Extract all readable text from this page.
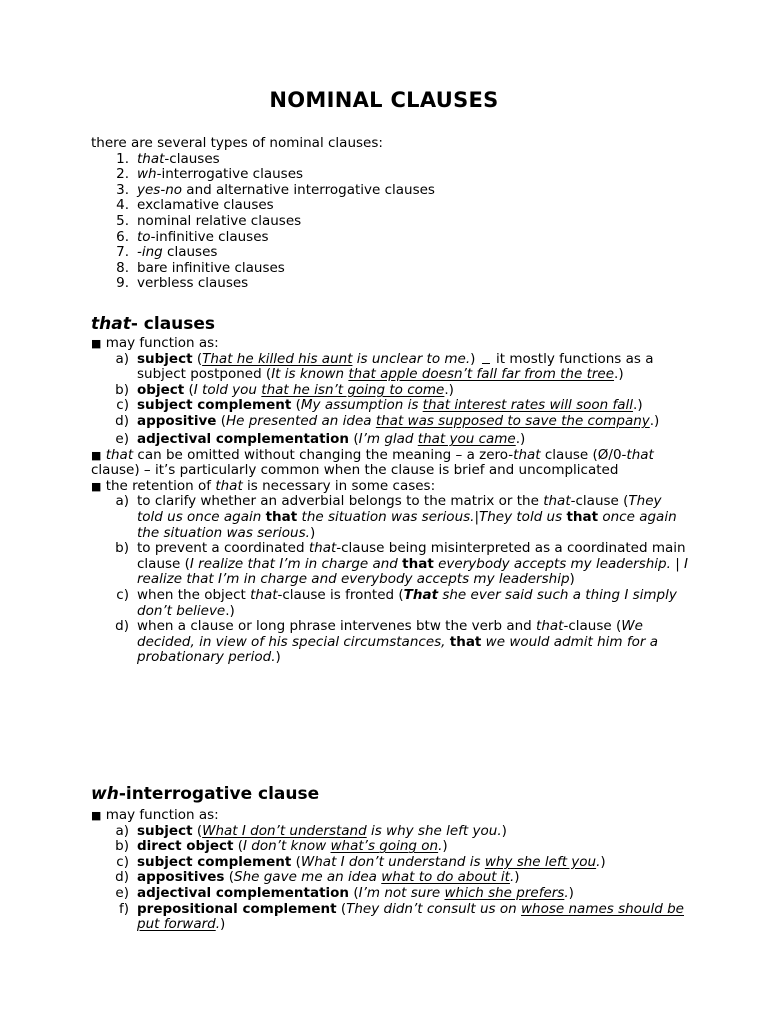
NOMINAL CLAUSES
there are several types of nominal clauses:
1. that-clauses
2. wh-interrogative clauses
3. yes-no and alternative interrogative clauses
4. exclamative clauses
5. nominal relative clauses
6. to-infinitive clauses
7. -ing clauses
8. bare infinitive clauses
9. verbless clauses
that- clauses
■ may function as:
a) subject (That he killed his aunt is unclear to me.)  it mostly functions as a subject postponed (It is known that apple doesn’t fall far from the tree.)
b) object (I told you that he isn’t going to come.)
c) subject complement (My assumption is that interest rates will soon fall.)
d) appositive (He presented an idea that was supposed to save the company.)
e) adjectival complementation (I’m glad that you came.)
■ that can be omitted without changing the meaning – a zero-that clause (Ø/0-that clause) – it’s particularly common when the clause is brief and uncomplicated
■ the retention of that is necessary in some cases:
a) to clarify whether an adverbial belongs to the matrix or the that-clause (They told us once again that the situation was serious.|They told us that once again the situation was serious.)
b) to prevent a coordinated that-clause being misinterpreted as a coordinated main clause (I realize that I’m in charge and that everybody accepts my leadership. | I realize that I’m in charge and everybody accepts my leadership)
c) when the object that-clause is fronted (That she ever said such a thing I simply don’t believe.)
d) when a clause or long phrase intervenes btw the verb and that-clause (We decided, in view of his special circumstances, that we would admit him for a probationary period.)
wh-interrogative clause
■ may function as:
a) subject (What I don’t understand is why she left you.)
b) direct object (I don’t know what’s going on.)
c) subject complement (What I don’t understand is why she left you.)
d) appositives (She gave me an idea what to do about it.)
e) adjectival complementation (I’m not sure which she prefers.)
f) prepositional complement (They didn’t consult us on whose names should be put forward.)
